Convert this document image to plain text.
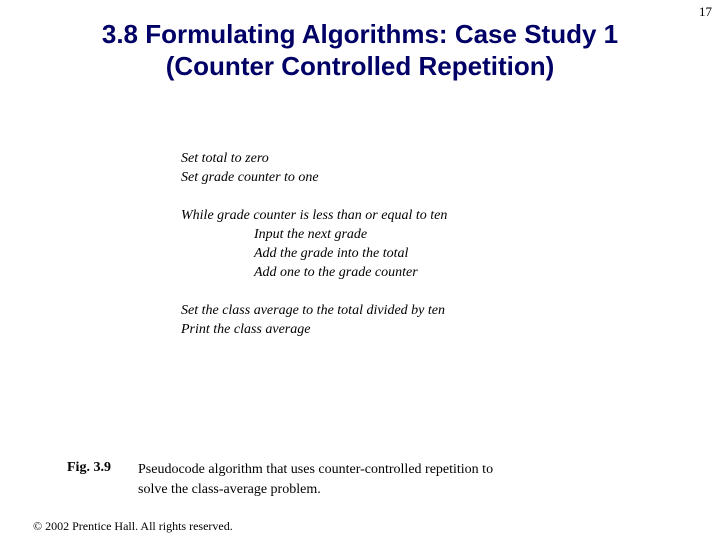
17
3.8 Formulating Algorithms: Case Study 1
(Counter Controlled Repetition)
Set total to zero
Set grade counter to one
While grade counter is less than or equal to ten
Input the next grade
Add the grade into the total
Add one to the grade counter
Set the class average to the total divided by ten
Print the class average
Fig. 3.9 Pseudocode algorithm that uses counter-controlled repetition to
solve the class-average problem.
© 2002 Prentice Hall. All rights reserved.
